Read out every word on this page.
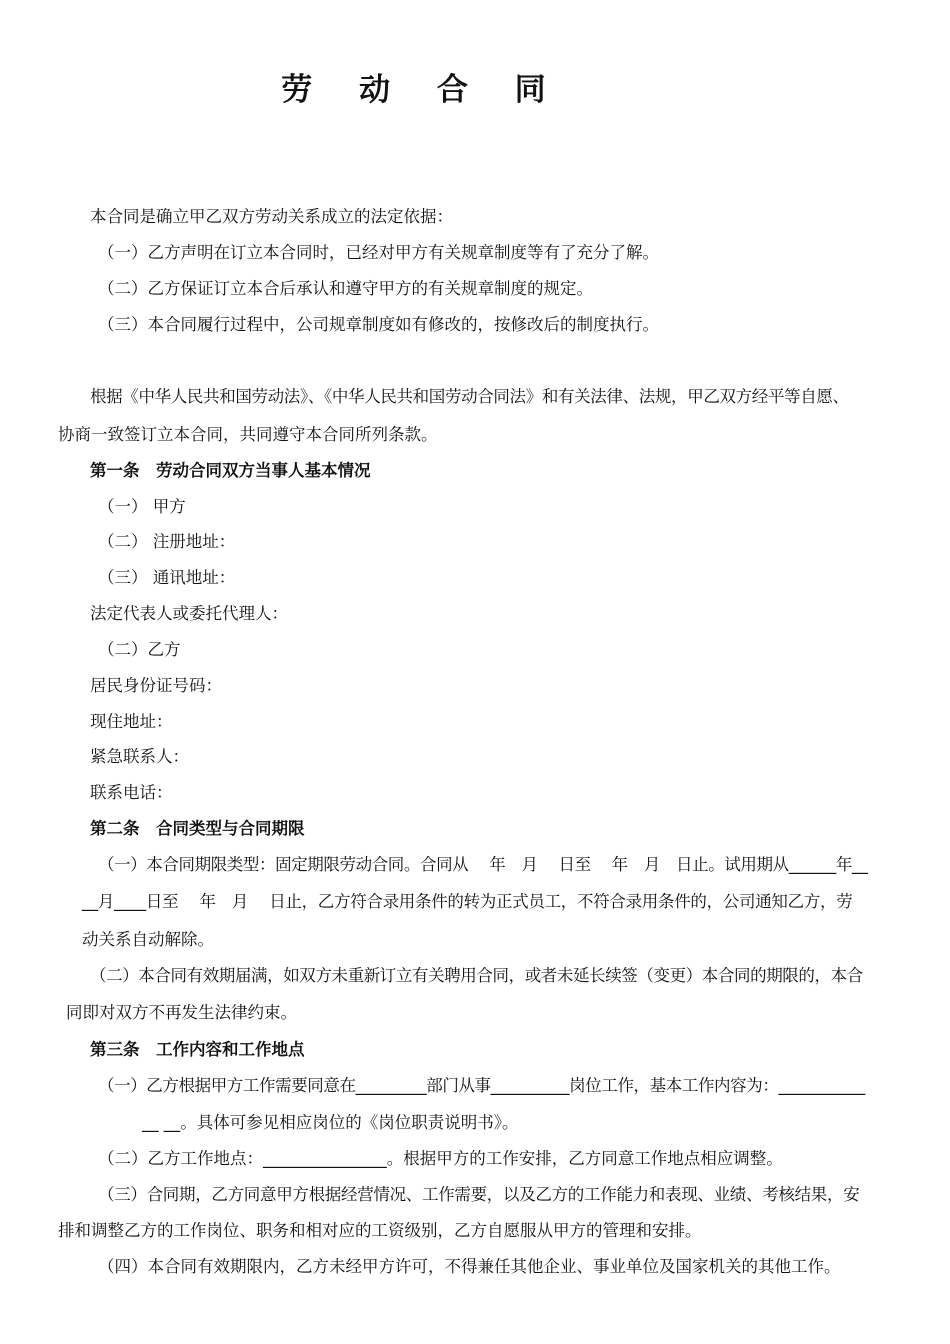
劳 动 合 同
本合同是确立甲乙双方劳动关系成立的法定依据：
（一）乙方声明在订立本合同时，已经对甲方有关规章制度等有了充分了解。
（二）乙方保证订立本合后承认和遵守甲方的有关规章制度的规定。
（三）本合同履行过程中，公司规章制度如有修改的，按修改后的制度执行。
根据《中华人民共和国劳动法》、《中华人民共和国劳动合同法》和有关法律、法规，甲乙双方经平等自愿、
协商一致签订立本合同，共同遵守本合同所列条款。
第一条　劳动合同双方当事人基本情况
（一） 甲方
（二） 注册地址：
（三） 通讯地址：
法定代表人或委托代理人：
（二）乙方
居民身份证号码：
现住地址：
紧急联系人：
联系电话：
第二条　合同类型与合同期限
（一）本合同期限类型：固定期限劳动合同。合同从　 年　月　 日至　 年　月　日止。试用期从______年__
__月____日至　 年　月　 日止，乙方符合录用条件的转为正式员工，不符合录用条件的，公司通知乙方，劳
动关系自动解除。
（二）本合同有效期届满，如双方未重新订立有关聘用合同，或者未延长续签（变更）本合同的期限的，本合
同即对双方不再发生法律约束。
第三条　工作内容和工作地点
（一）乙方根据甲方工作需要同意在_________部门从事__________岗位工作，基本工作内容为：___________
__ __。具体可参见相应岗位的《岗位职责说明书》。
（二）乙方工作地点：_______________。根据甲方的工作安排，乙方同意工作地点相应调整。
（三）合同期，乙方同意甲方根据经营情况、工作需要，以及乙方的工作能力和表现、业绩、考核结果，安
排和调整乙方的工作岗位、职务和相对应的工资级别，乙方自愿服从甲方的管理和安排。
（四）本合同有效期限内，乙方未经甲方许可，不得兼任其他企业、事业单位及国家机关的其他工作。
